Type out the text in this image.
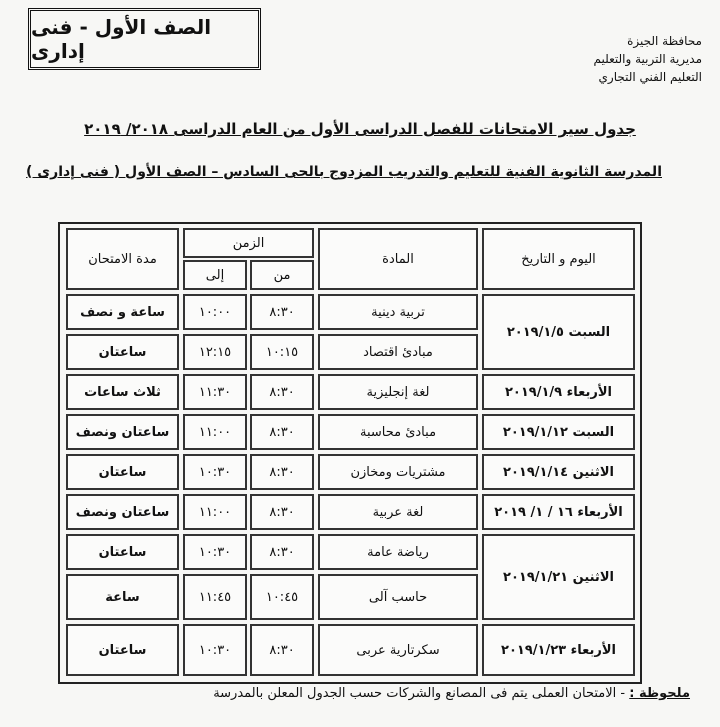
الصف الأول - فنى إدارى	محافظة الجيزة
مديرية التربية والتعليم
التعليم الفني التجاري
جدول سير الامتحانات للفصل الدراسى الأول من العام الدراسى ٢٠١٨/ ٢٠١٩
المدرسة الثانوية الفنية للتعليم والتدريب المزدوج بالحى السادس – الصف الأول ( فنى إدارى )
اليوم و التاريخ
المادة
الزمن
من
إلى
مدة الامتحان
السبت ٢٠١٩/١/٥
الأربعاء ٢٠١٩/١/٩
السبت ٢٠١٩/١/١٢
الاثنين ٢٠١٩/١/١٤
الأربعاء ١٦ / ١/ ٢٠١٩
الاثنين ٢٠١٩/١/٢١
الأربعاء ٢٠١٩/١/٢٣
تربية دينية
٨:٣٠
١٠:٠٠
ساعة و نصف
مبادئ اقتصاد
١٠:١٥
١٢:١٥
ساعتان
لغة إنجليزية
٨:٣٠
١١:٣٠
ثلاث ساعات
مبادئ محاسبة
٨:٣٠
١١:٠٠
ساعتان ونصف
مشتريات ومخازن
٨:٣٠
١٠:٣٠
ساعتان
لغة عربية
٨:٣٠
١١:٠٠
ساعتان ونصف
رياضة عامة
٨:٣٠
١٠:٣٠
ساعتان
حاسب آلى
١٠:٤٥
١١:٤٥
ساعة
سكرتارية عربى
٨:٣٠
١٠:٣٠
ساعتان
ملحوظة : - الامتحان العملى يتم فى المصانع والشركات حسب الجدول المعلن بالمدرسة
